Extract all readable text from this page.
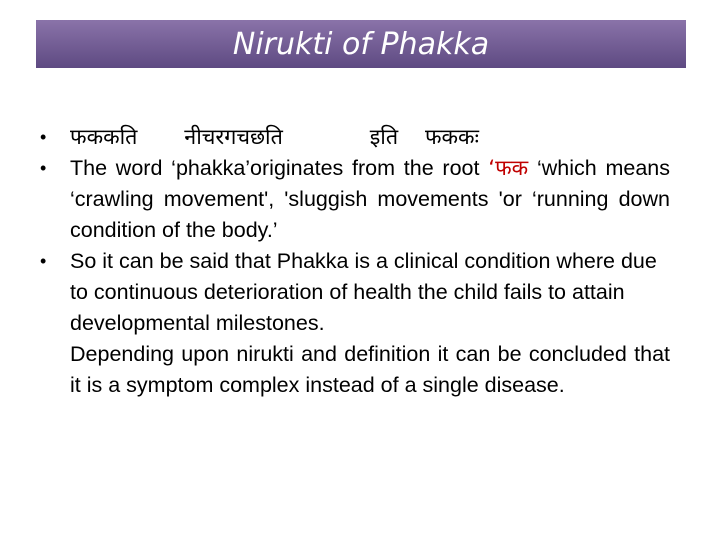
Nirukti of Phakka
•	फककति नीचरगचछति	इति फककः
•	The word ‘phakka’originates from the root ‘फक ‘which means ‘crawling movement', 'sluggish movements 'or ‘running down condition of the body.’
•	So it can be said that Phakka is a clinical condition where due to continuous deterioration of health the child fails to attain developmental milestones.
Depending upon nirukti and definition it can be concluded that it is a symptom complex instead of a single disease.
